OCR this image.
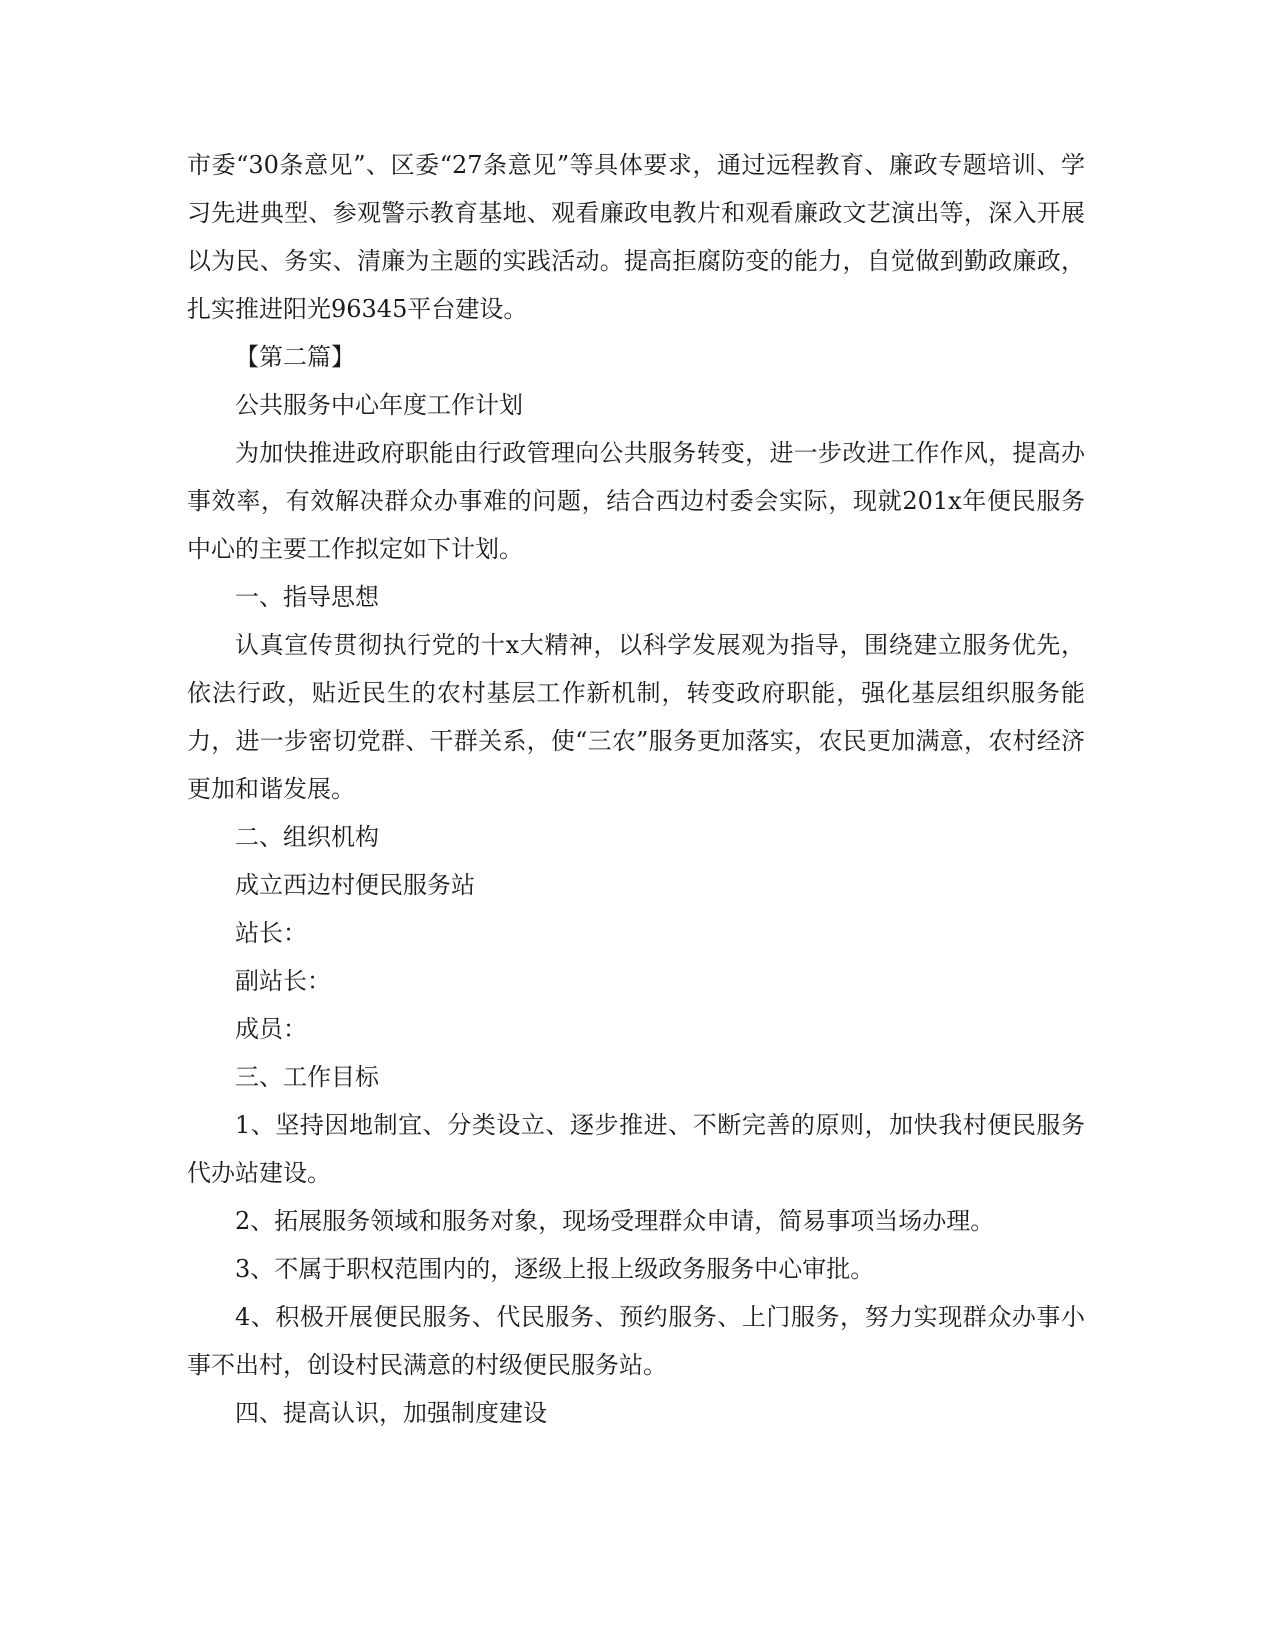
市委“30条意见”、区委“27条意见”等具体要求，通过远程教育、廉政专题培训、学习先进典型、参观警示教育基地、观看廉政电教片和观看廉政文艺演出等，深入开展以为民、务实、清廉为主题的实践活动。提高拒腐防变的能力，自觉做到勤政廉政，扎实推进阳光96345平台建设。

【第二篇】

公共服务中心年度工作计划

为加快推进政府职能由行政管理向公共服务转变，进一步改进工作作风，提高办事效率，有效解决群众办事难的问题，结合西边村委会实际，现就201x年便民服务中心的主要工作拟定如下计划。

一、指导思想

认真宣传贯彻执行党的十x大精神，以科学发展观为指导，围绕建立服务优先，依法行政，贴近民生的农村基层工作新机制，转变政府职能，强化基层组织服务能力，进一步密切党群、干群关系，使“三农”服务更加落实，农民更加满意，农村经济更加和谐发展。

二、组织机构

成立西边村便民服务站

站长：

副站长：

成员：

三、工作目标

1、坚持因地制宜、分类设立、逐步推进、不断完善的原则，加快我村便民服务代办站建设。

2、拓展服务领域和服务对象，现场受理群众申请，简易事项当场办理。

3、不属于职权范围内的，逐级上报上级政务服务中心审批。

4、积极开展便民服务、代民服务、预约服务、上门服务，努力实现群众办事小事不出村，创设村民满意的村级便民服务站。

四、提高认识，加强制度建设
